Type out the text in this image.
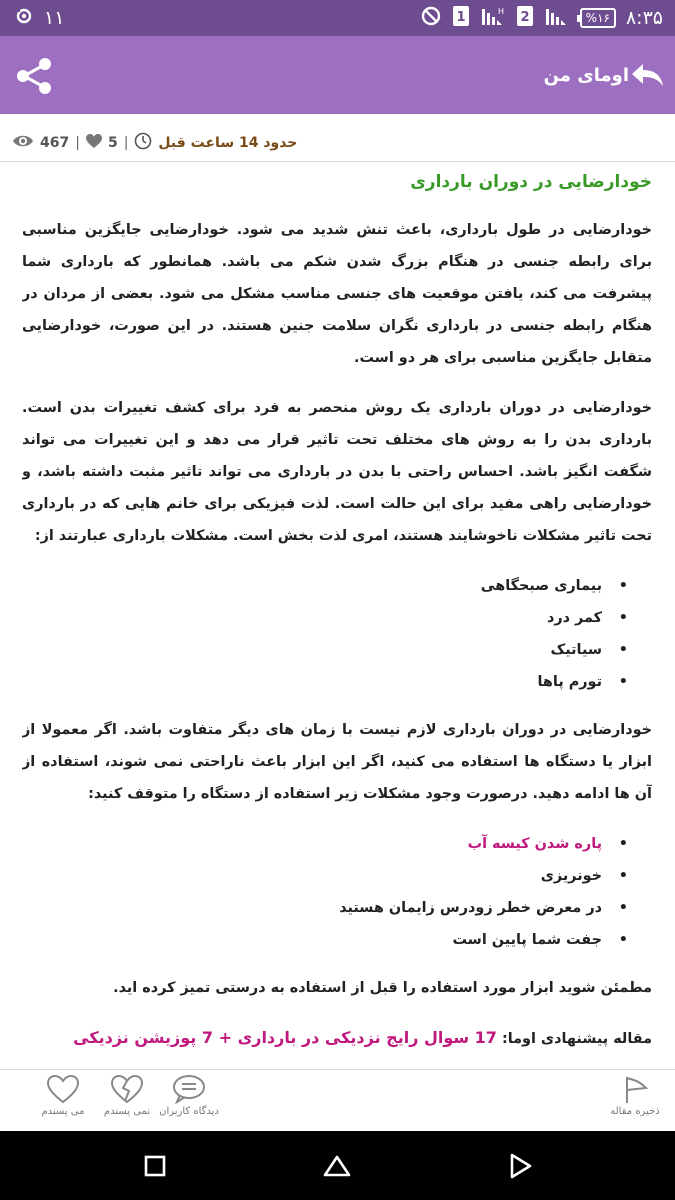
۱۱	1	H 2	%۱۶ ۸:۳۵
اومای من
467 | 5 | حدود 14 ساعت قبل
خودارضایی در دوران بارداری

خودارضایی در طول بارداری، باعث تنش شدید می شود. خودارضایی جایگزین مناسبی برای رابطه جنسی در هنگام بزرگ شدن شکم می باشد. همانطور که بارداری شما پیشرفت می کند، یافتن موقعیت های جنسی مناسب مشکل می شود. بعضی از مردان در هنگام رابطه جنسی در بارداری نگران سلامت جنین هستند. در این صورت، خودارضایی متقابل جایگزین مناسبی برای هر دو است.

خودارضایی در دوران بارداری یک روش منحصر به فرد برای کشف تغییرات بدن است. بارداری بدن را به روش های مختلف تحت تاثیر قرار می دهد و این تغییرات می تواند شگفت انگیز باشد. احساس راحتی با بدن در بارداری می تواند تاثیر مثبت داشته باشد، و خودارضایی راهی مفید برای این حالت است. لذت فیزیکی برای خانم هایی که در بارداری تحت تاثیر مشکلات ناخوشایند هستند، امری لذت بخش است. مشکلات بارداری عبارتند از:

• بیماری صبحگاهی
• کمر درد
• سیاتیک
• تورم پاها

خودارضایی در دوران بارداری لازم نیست با زمان های دیگر متفاوت باشد. اگر معمولا از ابزار یا دستگاه ها استفاده می کنید، اگر این ابزار باعث ناراحتی نمی شوند، استفاده از آن ها ادامه دهید. درصورت وجود مشکلات زیر استفاده از دستگاه را متوقف کنید:

• پاره شدن کیسه آب
• خونریزی
• در معرض خطر زودرس زایمان هستید
• جفت شما پایین است

مطمئن شوید ابزار مورد استفاده را قبل از استفاده به درستی تمیز کرده اید.

مقاله پیشنهادی اوما: 17 سوال رایج نزدیکی در بارداری + 7 پوزیشن نزدیکی
می پسندم	نمی پسندم دیدگاه کاربران	ذخیره مقاله
